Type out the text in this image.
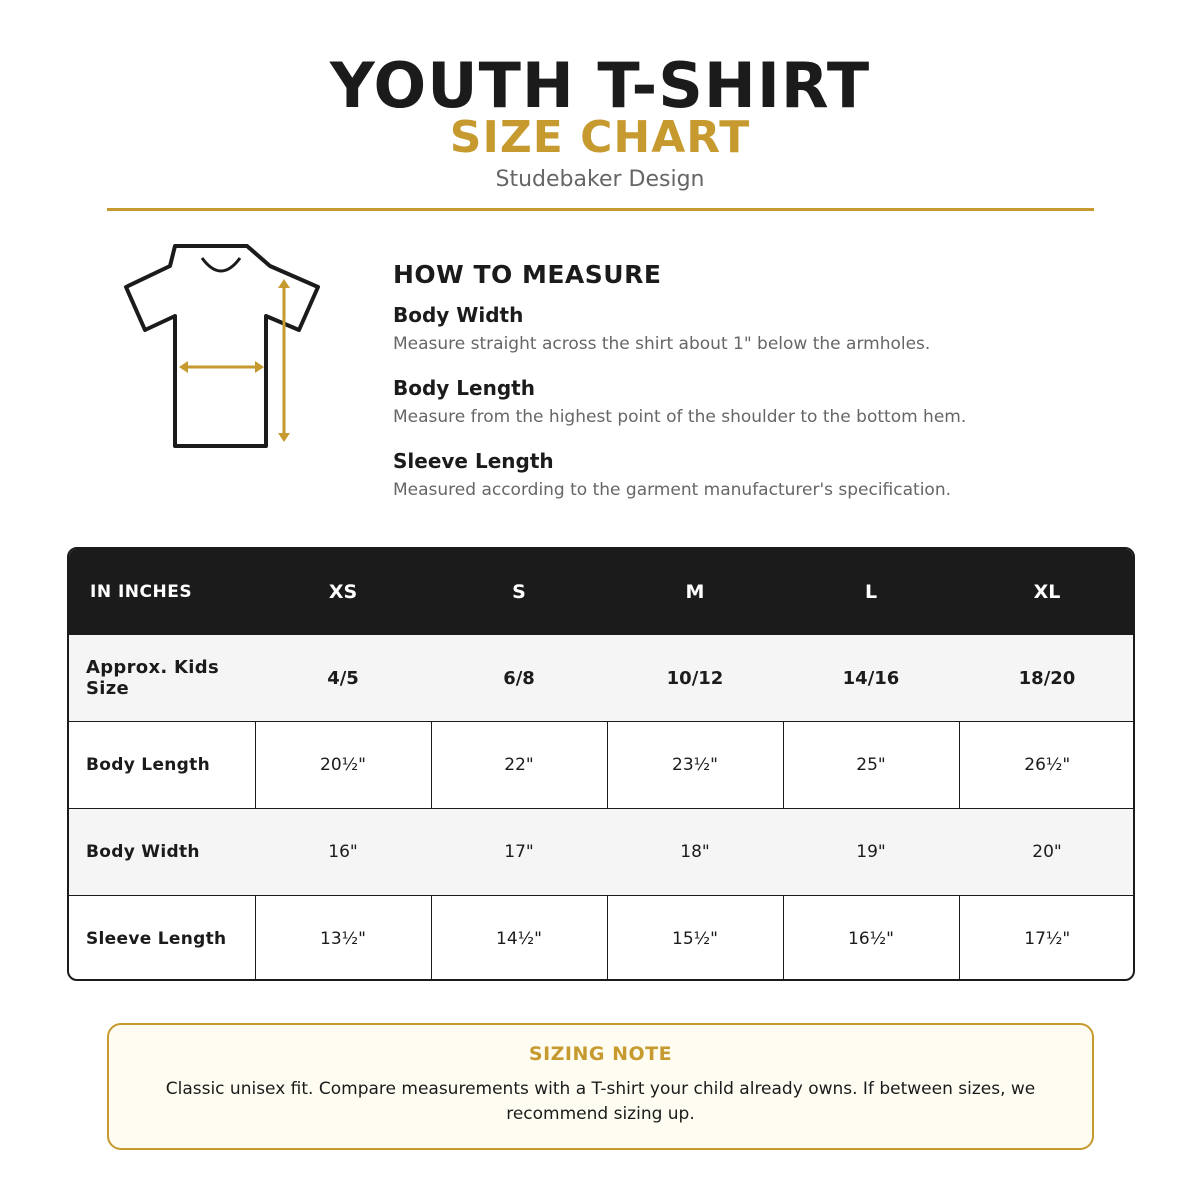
YOUTH T-SHIRT
SIZE CHART
Studebaker Design
HOW TO MEASURE
Body Width
Measure straight across the shirt about 1" below the armholes.
Body Length
Measure from the highest point of the shoulder to the bottom hem.
Sleeve Length
Measured according to the garment manufacturer's specification.
IN INCHES	XS	S	M	L	XL
Approx. Kids Size	4/5	6/8	10/12	14/16	18/20
Body Length	20½"	22"	23½"	25"	26½"
Body Width	16"	17"	18"	19"	20"
Sleeve Length	13½"	14½"	15½"	16½"	17½"
SIZING NOTE
Classic unisex fit. Compare measurements with a T-shirt your child already owns. If between sizes, we recommend sizing up.
